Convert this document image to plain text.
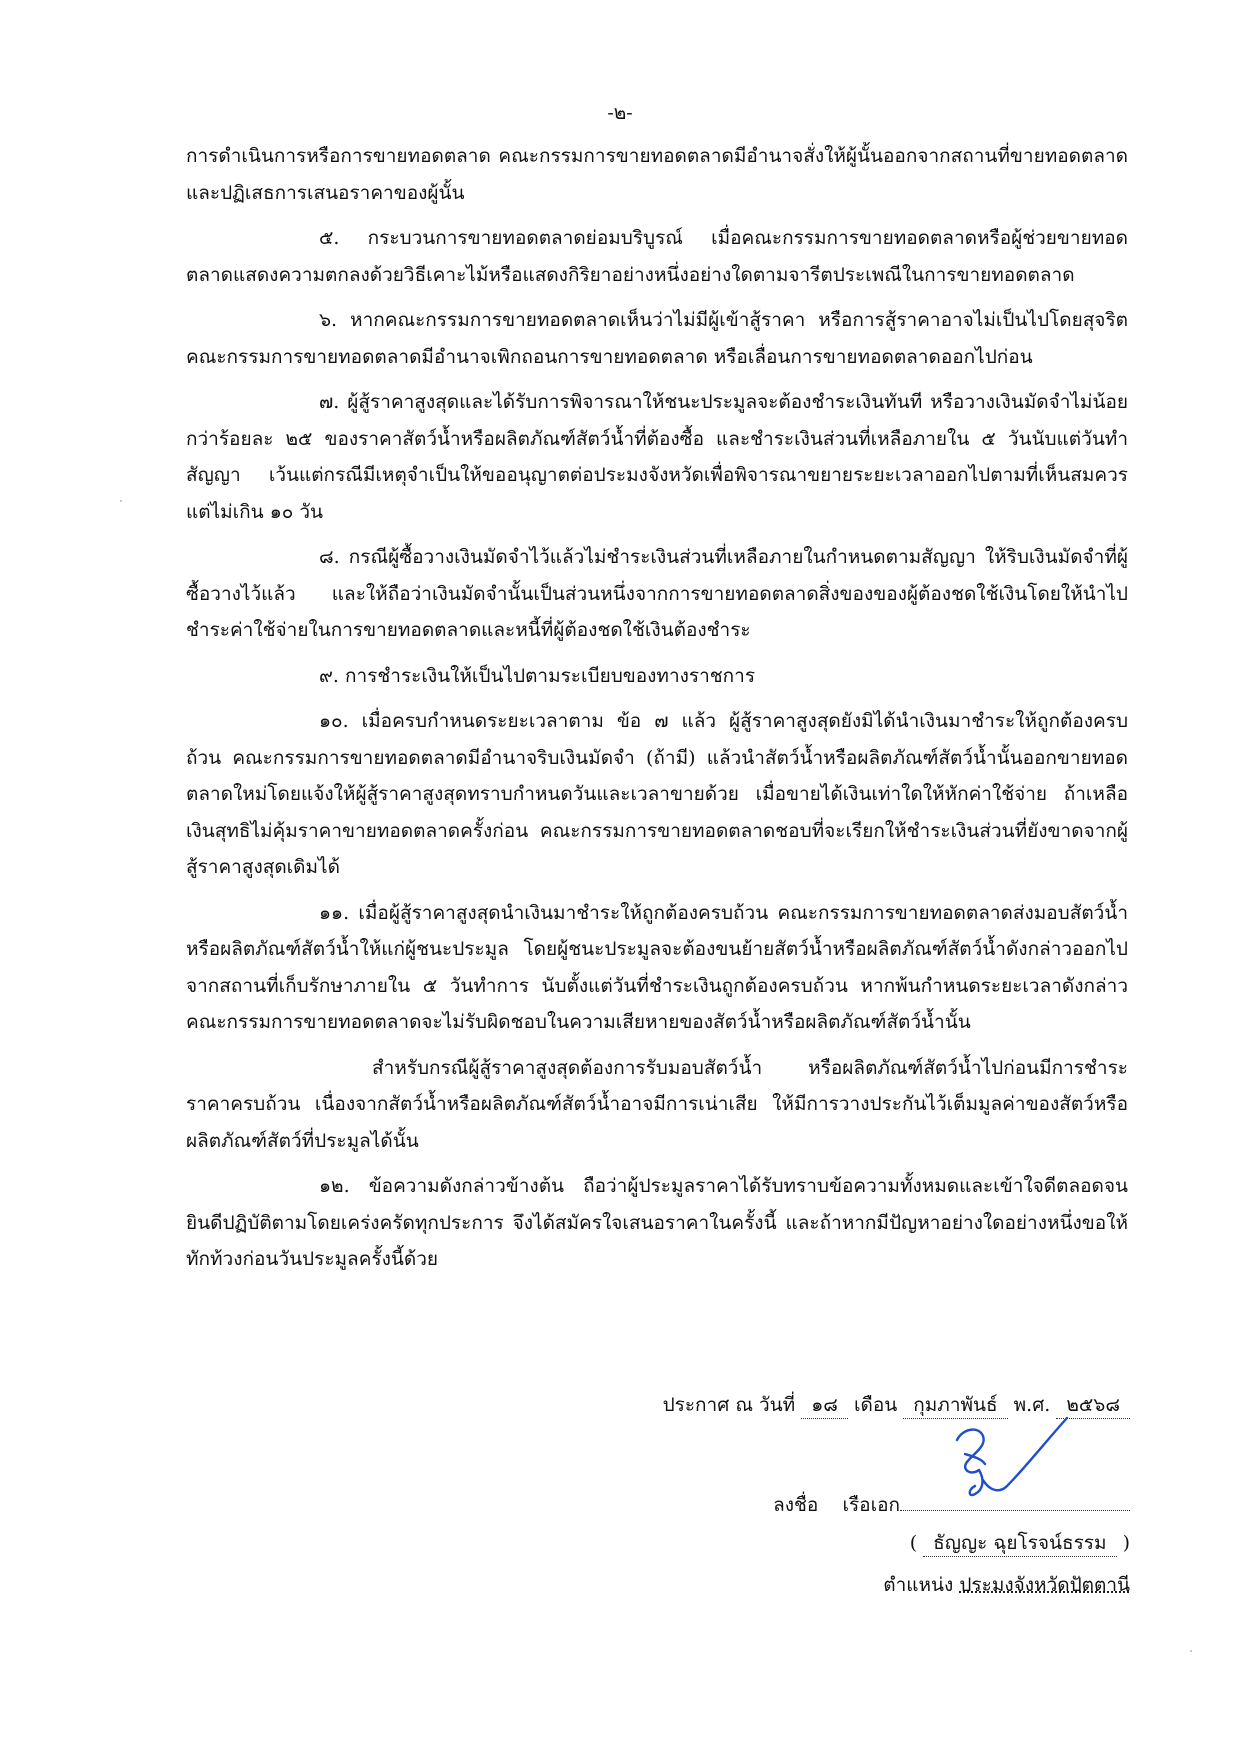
-๒-

การดำเนินการหรือการขายทอดตลาด คณะกรรมการขายทอดตลาดมีอำนาจสั่งให้ผู้นั้นออกจากสถานที่ขายทอดตลาดและปฏิเสธการเสนอราคาของผู้นั้น

๕. กระบวนการขายทอดตลาดย่อมบริบูรณ์ เมื่อคณะกรรมการขายทอดตลาดหรือผู้ช่วยขายทอดตลาดแสดงความตกลงด้วยวิธีเคาะไม้หรือแสดงกิริยาอย่างหนึ่งอย่างใดตามจารีตประเพณีในการขายทอดตลาด

๖. หากคณะกรรมการขายทอดตลาดเห็นว่าไม่มีผู้เข้าสู้ราคา หรือการสู้ราคาอาจไม่เป็นไปโดยสุจริต คณะกรรมการขายทอดตลาดมีอำนาจเพิกถอนการขายทอดตลาด หรือเลื่อนการขายทอดตลาดออกไปก่อน

๗. ผู้สู้ราคาสูงสุดและได้รับการพิจารณาให้ชนะประมูลจะต้องชำระเงินทันที หรือวางเงินมัดจำไม่น้อยกว่าร้อยละ ๒๕ ของราคาสัตว์น้ำหรือผลิตภัณฑ์สัตว์น้ำที่ต้องซื้อ และชำระเงินส่วนที่เหลือภายใน ๕ วันนับแต่วันทำสัญญา เว้นแต่กรณีมีเหตุจำเป็นให้ขออนุญาตต่อประมงจังหวัดเพื่อพิจารณาขยายระยะเวลาออกไปตามที่เห็นสมควร แต่ไม่เกิน ๑๐ วัน

๘. กรณีผู้ซื้อวางเงินมัดจำไว้แล้วไม่ชำระเงินส่วนที่เหลือภายในกำหนดตามสัญญา ให้ริบเงินมัดจำที่ผู้ซื้อวางไว้แล้ว และให้ถือว่าเงินมัดจำนั้นเป็นส่วนหนึ่งจากการขายทอดตลาดสิ่งของของผู้ต้องชดใช้เงินโดยให้นำไปชำระค่าใช้จ่ายในการขายทอดตลาดและหนี้ที่ผู้ต้องชดใช้เงินต้องชำระ

๙. การชำระเงินให้เป็นไปตามระเบียบของทางราชการ

๑๐. เมื่อครบกำหนดระยะเวลาตาม ข้อ ๗ แล้ว ผู้สู้ราคาสูงสุดยังมิได้นำเงินมาชำระให้ถูกต้องครบถ้วน คณะกรรมการขายทอดตลาดมีอำนาจริบเงินมัดจำ (ถ้ามี) แล้วนำสัตว์น้ำหรือผลิตภัณฑ์สัตว์น้ำนั้นออกขายทอดตลาดใหม่โดยแจ้งให้ผู้สู้ราคาสูงสุดทราบกำหนดวันและเวลาขายด้วย เมื่อขายได้เงินเท่าใดให้หักค่าใช้จ่าย ถ้าเหลือเงินสุทธิไม่คุ้มราคาขายทอดตลาดครั้งก่อน คณะกรรมการขายทอดตลาดชอบที่จะเรียกให้ชำระเงินส่วนที่ยังขาดจากผู้สู้ราคาสูงสุดเดิมได้

๑๑. เมื่อผู้สู้ราคาสูงสุดนำเงินมาชำระให้ถูกต้องครบถ้วน คณะกรรมการขายทอดตลาดส่งมอบสัตว์น้ำหรือผลิตภัณฑ์สัตว์น้ำให้แก่ผู้ชนะประมูล โดยผู้ชนะประมูลจะต้องขนย้ายสัตว์น้ำหรือผลิตภัณฑ์สัตว์น้ำดังกล่าวออกไปจากสถานที่เก็บรักษาภายใน ๕ วันทำการ นับตั้งแต่วันที่ชำระเงินถูกต้องครบถ้วน หากพ้นกำหนดระยะเวลาดังกล่าว คณะกรรมการขายทอดตลาดจะไม่รับผิดชอบในความเสียหายของสัตว์น้ำหรือผลิตภัณฑ์สัตว์น้ำนั้น

สำหรับกรณีผู้สู้ราคาสูงสุดต้องการรับมอบสัตว์น้ำ หรือผลิตภัณฑ์สัตว์น้ำไปก่อนมีการชำระราคาครบถ้วน เนื่องจากสัตว์น้ำหรือผลิตภัณฑ์สัตว์น้ำอาจมีการเน่าเสีย ให้มีการวางประกันไว้เต็มมูลค่าของสัตว์หรือผลิตภัณฑ์สัตว์ที่ประมูลได้นั้น

๑๒. ข้อความดังกล่าวข้างต้น ถือว่าผู้ประมูลราคาได้รับทราบข้อความทั้งหมดและเข้าใจดีตลอดจนยินดีปฏิบัติตามโดยเคร่งครัดทุกประการ จึงได้สมัครใจเสนอราคาในครั้งนี้ และถ้าหากมีปัญหาอย่างใดอย่างหนึ่งขอให้ทักท้วงก่อนวันประมูลครั้งนี้ด้วย

ประกาศ ณ วันที่ ๑๘ เดือน กุมภาพันธ์ พ.ศ. ๒๕๖๘
ลงชื่อ เรือเอก
( ธัญญะ ฉุยโรจน์ธรรม )
ตำแหน่ง ประมงจังหวัดปัตตานี
